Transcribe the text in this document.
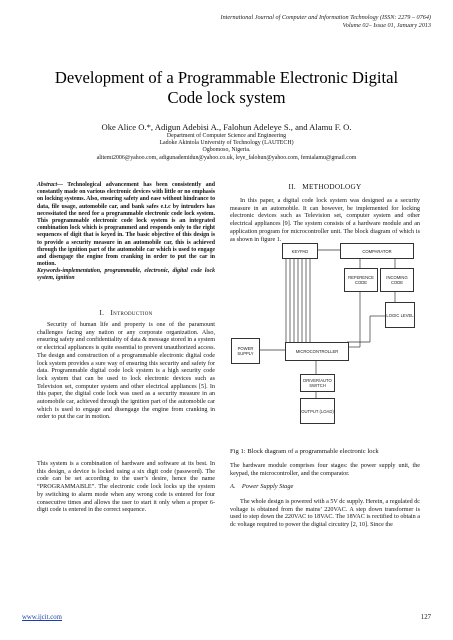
International Journal of Computer and Information Technology (ISSN: 2279 – 0764)
Volume 02– Issue 01, January 2013
Development of a Programmable Electronic Digital
Code lock system
Oke Alice O.*, Adigun Adebisi A., Falohun Adeleye S., and Alamu F. O.
Department of Computer Science and Engineering
Ladoke Akintola University of Technology (LAUTECH)
Ogbomoso, Nigeria.
alitemi2006@yahoo.com, adigunademidun@yahoo.co.uk, leye_falohun@yahoo.com, femialamu@gmail.com
Abstract— Technological advancement has been consistently and constantly made on various electronic devices with little or no emphasis on locking systems. Also, ensuring safety and ease without hindrance to data, file usage, automobile car, and bank safes e.t.c by intruders has necessitated the need for a programmable electronic code lock system. This programmable electronic code lock system is an integrated combination lock which is programmed and responds only to the right sequences of digit that is keyed in. The basic objective of this design is to provide a security measure in an automobile car, this is achieved through the ignition part of the automobile car which is used to engage and disengage the engine from cranking in order to put the car in motion.
Keywords-implementation, programmable, electronic, digital code lock system, ignition
I. Introduction
Security of human life and property is one of the paramount challenges facing any nation or any corporate organization. Also, ensuring safety and confidentiality of data & message stored in a system or electrical appliances is quite essential to prevent unauthorized access. The design and construction of a programmable electronic digital code lock system provides a sure way of ensuring this security and safety for data. Programmable digital code lock system is a high security code lock system that can be used to lock electronic devices such as Television set, computer system and other electrical appliances [5]. In this paper, the digital code lock was used as a security measure in an automobile car, achieved through the ignition part of the automobile car which is used to engage and disengage the engine from cranking in order to put the car in motion.
This system is a combination of hardware and software at its best. In this design, a device is locked using a six digit code (password). The code can be set according to the user’s desire, hence the name “PROGRAMMABLE”. The electronic code lock locks up the system by switching to alarm mode when any wrong code is entered for four consecutive times and allows the user to start it only when a proper 6-digit code is entered in the correct sequence.
II. METHODOLOGY
In this paper, a digital code lock system was designed as a security measure in an automobile. It can however, be implemented for locking electronic devices such as Television set, computer system and other electrical appliances [9]. The system consists of a hardware module and an application program for microcontroller unit. The block diagram of which is as shown in figure 1.
KEYPAD	COMPARATOR
REFERENCE CODE
INCOMING CODE
LOGIC LEVEL
POWER SUPPLY	MICROCONTROLLER
DRIVER/AUTO SWITCH
OUTPUT (LOAD)
Fig 1: Block diagram of a programmable electronic lock
The hardware module comprises four stages: the power supply unit, the keypad, the microcontroller, and the comparator.
A. Power Supply Stage
The whole design is powered with a 5V dc supply. Herein, a regulated dc voltage is obtained from the mains’ 220VAC. A step down transformer is used to step down the 220VAC to 18VAC. The 18VAC is rectified to obtain a dc voltage required to power the digital circuitry [2, 10]. Since the
www.ijcit.com	127
